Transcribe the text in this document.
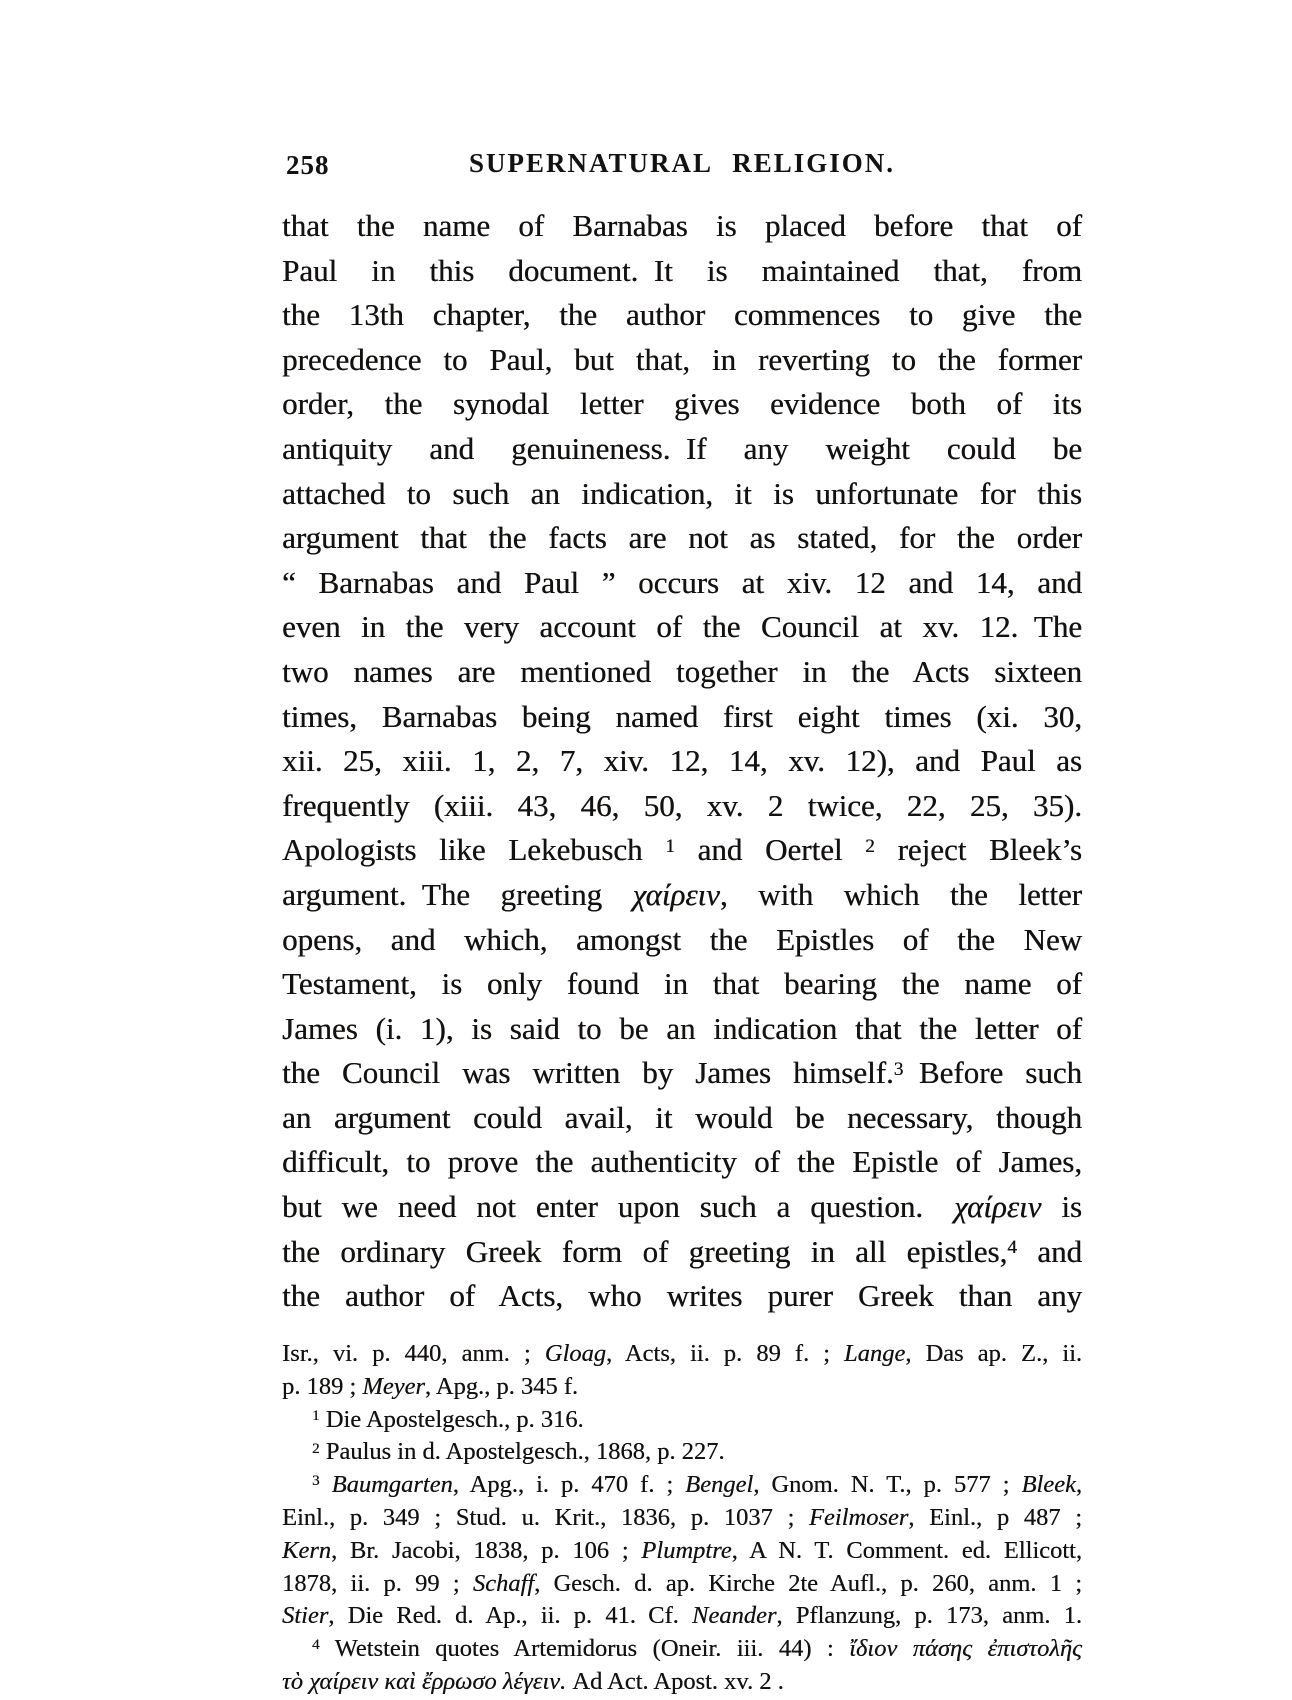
258	SUPERNATURAL RELIGION.
that the name of Barnabas is placed before that of
Paul in this document. It is maintained that, from
the 13th chapter, the author commences to give the
precedence to Paul, but that, in reverting to the former
order, the synodal letter gives evidence both of its
antiquity and genuineness. If any weight could be
attached to such an indication, it is unfortunate for this
argument that the facts are not as stated, for the order
“ Barnabas and Paul ” occurs at xiv. 12 and 14, and
even in the very account of the Council at xv. 12. The
two names are mentioned together in the Acts sixteen
times, Barnabas being named first eight times (xi. 30,
xii. 25, xiii. 1, 2, 7, xiv. 12, 14, xv. 12), and Paul as
frequently (xiii. 43, 46, 50, xv. 2 twice, 22, 25, 35).
Apologists like Lekebusch $^1$ and Oertel $^2$ reject Bleek’s
argument. The greeting χαίρειν, with which the letter
opens, and which, amongst the Epistles of the New
Testament, is only found in that bearing the name of
James (i. 1), is said to be an indication that the letter of
the Council was written by James himself.$^3$ Before such
an argument could avail, it would be necessary, though
difficult, to prove the authenticity of the Epistle of James,
but we need not enter upon such a question.  χαίρειν is
the ordinary Greek form of greeting in all epistles,$^4$ and
the author of Acts, who writes purer Greek than any
Isr., vi. p. 440, anm. ; Gloag, Acts, ii. p. 89 f. ; Lange, Das ap. Z., ii.
p. 189 ; Meyer, Apg., p. 345 f.
$^1$ Die Apostelgesch., p. 316.
$^2$ Paulus in d. Apostelgesch., 1868, p. 227.
$^3$ Baumgarten, Apg., i. p. 470 f. ; Bengel, Gnom. N. T., p. 577 ; Bleek,
Einl., p. 349 ; Stud. u. Krit., 1836, p. 1037 ; Feilmoser, Einl., p 487 ;
Kern, Br. Jacobi, 1838, p. 106 ; Plumptre, A N. T. Comment. ed. Ellicott,
1878, ii. p. 99 ; Schaff, Gesch. d. ap. Kirche 2te Aufl., p. 260, anm. 1 ;
Stier, Die Red. d. Ap., ii. p. 41. Cf. Neander, Pflanzung, p. 173, anm. 1.
$^4$ Wetstein quotes Artemidorus (Oneir. iii. 44) : ἴδιον πάσης ἐπιστολῆς
τὸ χαίρειν καὶ ἔρρωσο λέγειν. Ad Act. Apost. xv. 2 .
